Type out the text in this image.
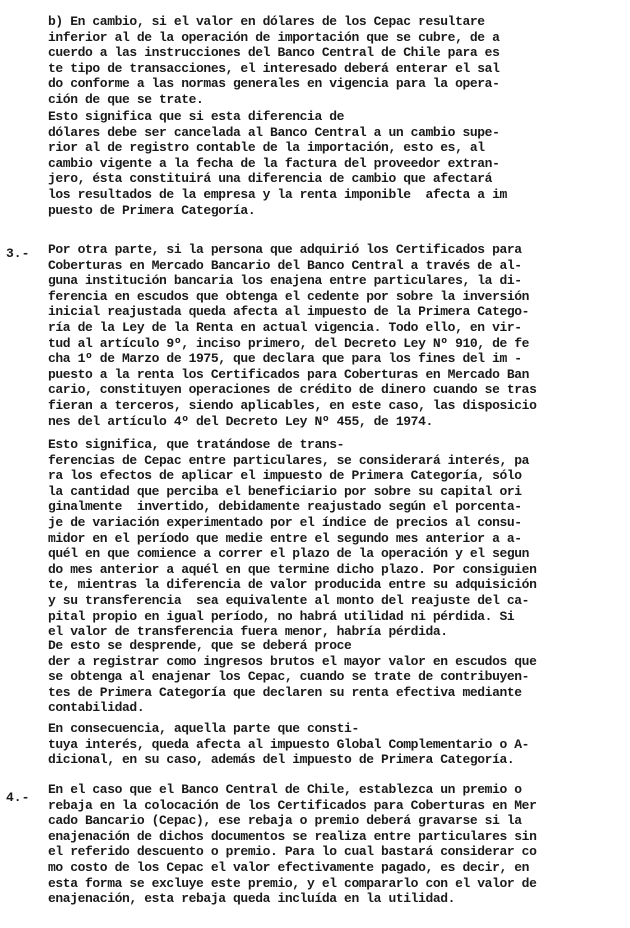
b) En cambio, si el valor en dólares de los Cepac resultare
inferior al de la operación de importación que se cubre, de a
cuerdo a las instrucciones del Banco Central de Chile para es
te tipo de transacciones, el interesado deberá enterar el sal
do conforme a las normas generales en vigencia para la opera-
ción de que se trate.

Esto significa que si esta diferencia de
dólares debe ser cancelada al Banco Central a un cambio supe-
rior al de registro contable de la importación, esto es, al
cambio vigente a la fecha de la factura del proveedor extran-
jero, ésta constituirá una diferencia de cambio que afectará
los resultados de la empresa y la renta imponible  afecta a im
puesto de Primera Categoría.

3.- Por otra parte, si la persona que adquirió los Certificados para
Coberturas en Mercado Bancario del Banco Central a través de al-
guna institución bancaria los enajena entre particulares, la di-
ferencia en escudos que obtenga el cedente por sobre la inversión
inicial reajustada queda afecta al impuesto de la Primera Catego-
ría de la Ley de la Renta en actual vigencia. Todo ello, en vir-
tud al artículo 9º, inciso primero, del Decreto Ley Nº 910, de fe
cha 1º de Marzo de 1975, que declara que para los fines del im -
puesto a la renta los Certificados para Coberturas en Mercado Ban
cario, constituyen operaciones de crédito de dinero cuando se tras
fieran a terceros, siendo aplicables, en este caso, las disposicio
nes del artículo 4º del Decreto Ley Nº 455, de 1974.

Esto significa, que tratándose de trans-
ferencias de Cepac entre particulares, se considerará interés, pa
ra los efectos de aplicar el impuesto de Primera Categoría, sólo
la cantidad que perciba el beneficiario por sobre su capital ori
ginalmente  invertido, debidamente reajustado según el porcenta-
je de variación experimentado por el índice de precios al consu-
midor en el período que medie entre el segundo mes anterior a a-
quél en que comience a correr el plazo de la operación y el segun
do mes anterior a aquél en que termine dicho plazo. Por consiguien
te, mientras la diferencia de valor producida entre su adquisición
y su transferencia  sea equivalente al monto del reajuste del ca-
pital propio en igual período, no habrá utilidad ni pérdida. Si
el valor de transferencia fuera menor, habría pérdida.

De esto se desprende, que se deberá proce
der a registrar como ingresos brutos el mayor valor en escudos que
se obtenga al enajenar los Cepac, cuando se trate de contribuyen-
tes de Primera Categoría que declaren su renta efectiva mediante
contabilidad.

En consecuencia, aquella parte que consti-
tuya interés, queda afecta al impuesto Global Complementario o A-
dicional, en su caso, además del impuesto de Primera Categoría.

4.-

En el caso que el Banco Central de Chile, establezca un premio o
rebaja en la colocación de los Certificados para Coberturas en Mer
cado Bancario (Cepac), ese rebaja o premio deberá gravarse si la
enajenación de dichos documentos se realiza entre particulares sin
el referido descuento o premio. Para lo cual bastará considerar co
mo costo de los Cepac el valor efectivamente pagado, es decir, en
esta forma se excluye este premio, y el compararlo con el valor de
enajenación, esta rebaja queda incluída en la utilidad.
